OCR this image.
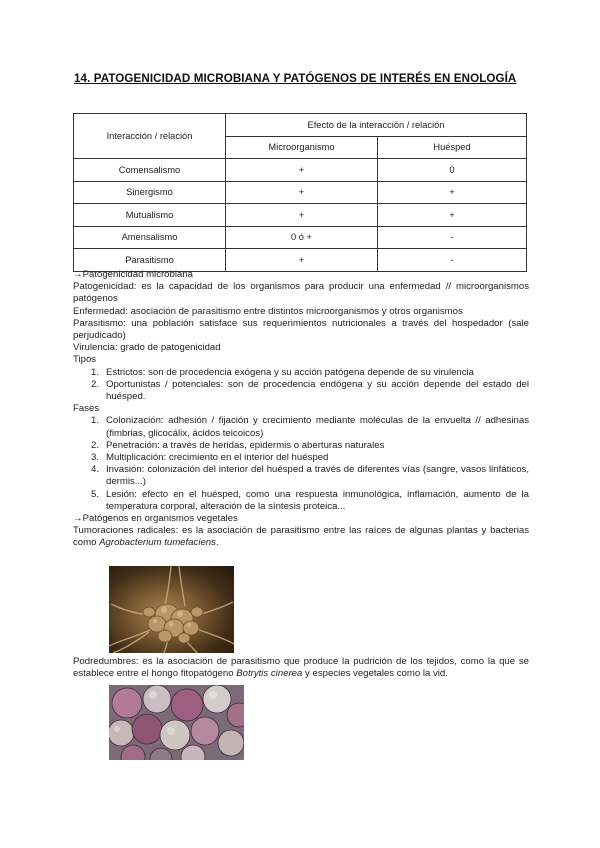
14. PATOGENICIDAD MICROBIANA Y PATÓGENOS DE INTERÉS EN ENOLOGÍA
Interacción / relación	Efecto de la interacción / relación	
	Microorganismo	Huésped
Comensalismo	+	0
Sinergismo	+	+
Mutualismo	+	+
Amensalismo	0 ó +	-
Parasitismo	+	-

→Patogenicidad microbiana

Patogenicidad: es la capacidad de los organismos para producir una enfermedad // microorganismos patógenos

Enfermedad: asociación de parasitismo entre distintos microorganismos y otros organismos

Parasitismo: una población satisface sus requerimientos nutricionales a través del hospedador (sale perjudicado)

Virulencia: grado de patogenicidad

Tipos

1. Estrictos: son de procedencia exógena y su acción patógena depende de su virulencia
2. Oportunistas / potenciales: son de procedencia endógena y su acción depende del estado del huésped.

Fases

1. Colonización: adhesión / fijación y crecimiento mediante moléculas de la envuelta // adhesinas (fimbrias, glicocálix, ácidos teicoicos)
2. Penetración: a través de heridas, epidermis o aberturas naturales
3. Multiplicación: crecimiento en el interior del huésped
4. Invasión: colonización del interior del huésped a través de diferentes vías (sangre, vasos linfáticos, dermis...)
5. Lesión: efecto en el huésped, como una respuesta inmunológica, inflamación, aumento de la temperatura corporal, alteración de la síntesis proteica...

→Patógenos en organismos vegetales

Tumoraciones radicales: es la asociación de parasitismo entre las raíces de algunas plantas y bacterias como Agrobacterium tumefaciens.

Podredumbres: es la asociación de parasitismo que produce la pudrición de los tejidos, como la que se establece entre el hongo fitopatógeno Botrytis cinerea y especies vegetales como la vid.
